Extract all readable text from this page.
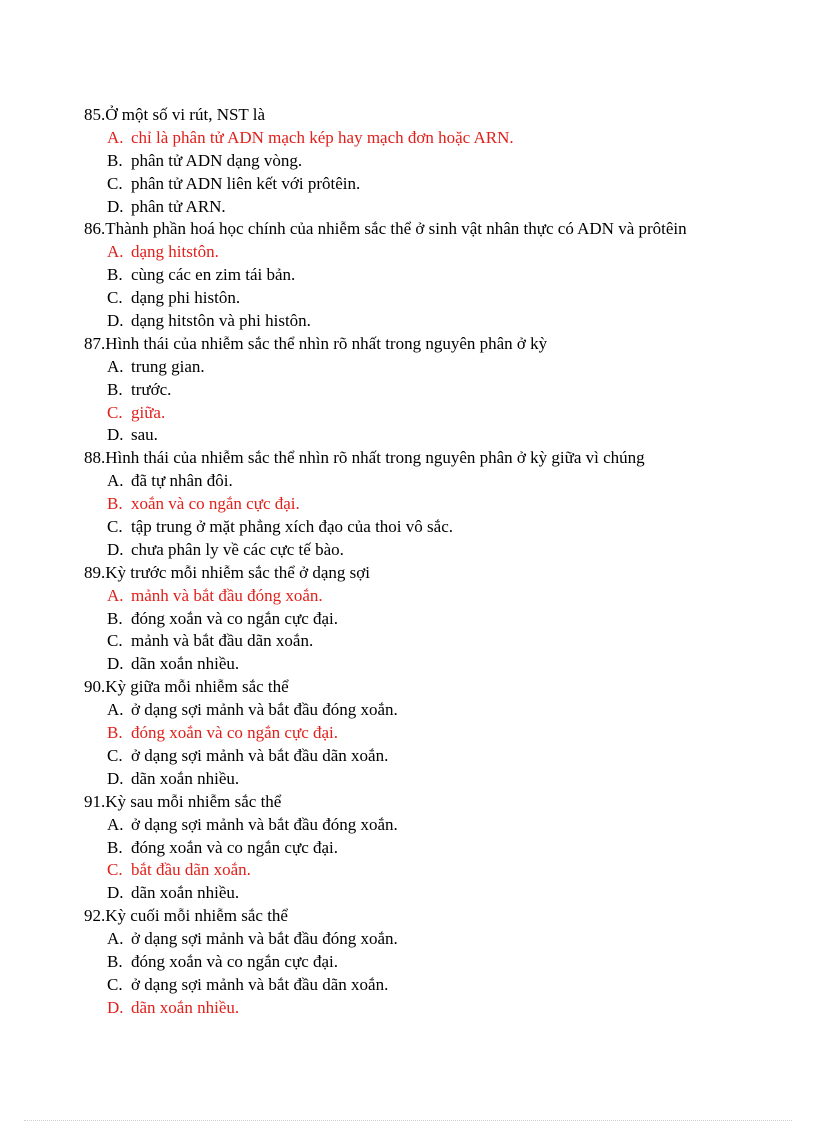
85.Ở một số vi rút, NST là
A. chỉ là phân tử ADN mạch kép hay mạch đơn hoặc ARN.
B. phân tử ADN dạng vòng.
C. phân tử ADN liên kết với prôtêin.
D. phân tử ARN.
86.Thành phần hoá học chính của nhiễm sắc thể ở sinh vật nhân thực có ADN và prôtêin
A. dạng hitstôn.
B. cùng các en zim tái bản.
C. dạng phi histôn.
D. dạng hitstôn và phi histôn.
87.Hình thái của nhiễm sắc thể nhìn rõ nhất trong nguyên phân ở kỳ
A. trung gian.
B. trước.
C. giữa.
D. sau.
88.Hình thái của nhiễm sắc thể nhìn rõ nhất trong nguyên phân ở kỳ giữa vì chúng
A. đã tự nhân đôi.
B. xoắn và co ngắn cực đại.
C. tập trung ở mặt phẳng xích đạo của thoi vô sắc.
D. chưa phân ly về các cực tế bào.
89.Kỳ trước mỗi nhiễm sắc thể ở dạng sợi
A. mảnh và bắt đầu đóng xoắn.
B. đóng xoắn và co ngắn cực đại.
C. mảnh và bắt đầu dãn xoắn.
D. dãn xoắn nhiều.
90.Kỳ giữa mỗi nhiễm sắc thể
A. ở dạng sợi mảnh và bắt đầu đóng xoắn.
B. đóng xoắn và co ngắn cực đại.
C. ở dạng sợi mảnh và bắt đầu dãn xoắn.
D. dãn xoắn nhiều.
91.Kỳ sau mỗi nhiễm sắc thể
A. ở dạng sợi mảnh và bắt đầu đóng xoắn.
B. đóng xoắn và co ngắn cực đại.
C. bắt đầu dãn xoắn.
D. dãn xoắn nhiều.
92.Kỳ cuối mỗi nhiễm sắc thể
A. ở dạng sợi mảnh và bắt đầu đóng xoắn.
B. đóng xoắn và co ngắn cực đại.
C. ở dạng sợi mảnh và bắt đầu dãn xoắn.
D. dãn xoắn nhiều.
